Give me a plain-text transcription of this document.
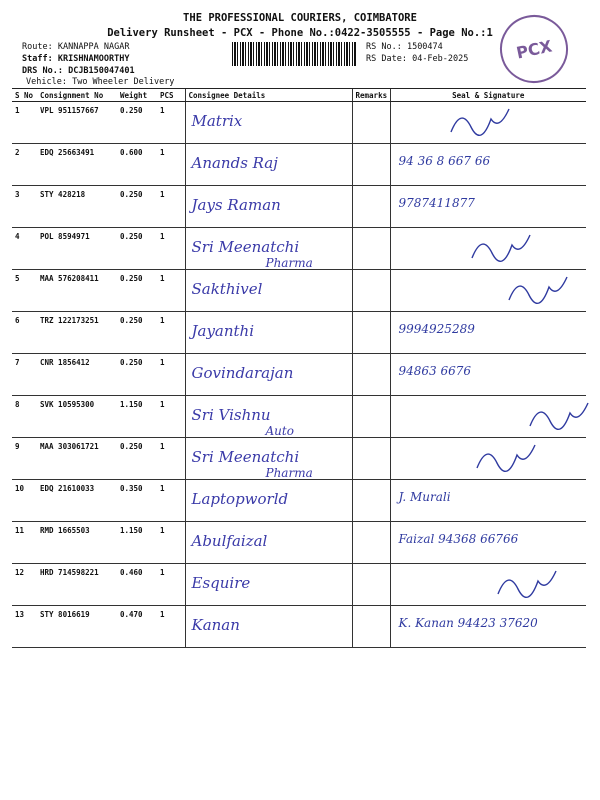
THE PROFESSIONAL COURIERS, COIMBATORE
Delivery Runsheet - PCX - Phone No.:0422-3505555 - Page No.:1
Route: KANNAPPA NAGAR
Staff: KRISHNAMOORTHY
DRS No.: DCJB150047401
Vehicle: Two Wheeler Delivery
RS No.: 1500474
RS Date: 04-Feb-2025	PCX
S No	Consignment No	Weight	PCS	Consignee Details	Remarks	Seal & Signature
1	VPL 951157667	0.250	1	Matrix

2	EDQ 25663491	0.600	1	Anands Raj		94 36 8 667 66

3	STY 428218	0.250	1	Jays Raman		9787411877

4	POL 8594971	0.250	1	Sri Meenatchi
Pharma

5	MAA 576208411	0.250	1	Sakthivel

6	TRZ 122173251	0.250	1	Jayanthi		9994925289

7	CNR 1856412	0.250	1	Govindarajan		94863 6676

8	SVK 10595300	1.150	1	Sri Vishnu
Auto

9	MAA 303061721	0.250	1	Sri Meenatchi
Pharma

10	EDQ 21610033	0.350	1	Laptopworld		J. Murali

11	RMD 1665503	1.150	1	Abulfaizal		Faizal 94368 66766

12	HRD 714598221	0.460	1	Esquire

13	STY 8016619	0.470	1	Kanan		K. Kanan 94423 37620
